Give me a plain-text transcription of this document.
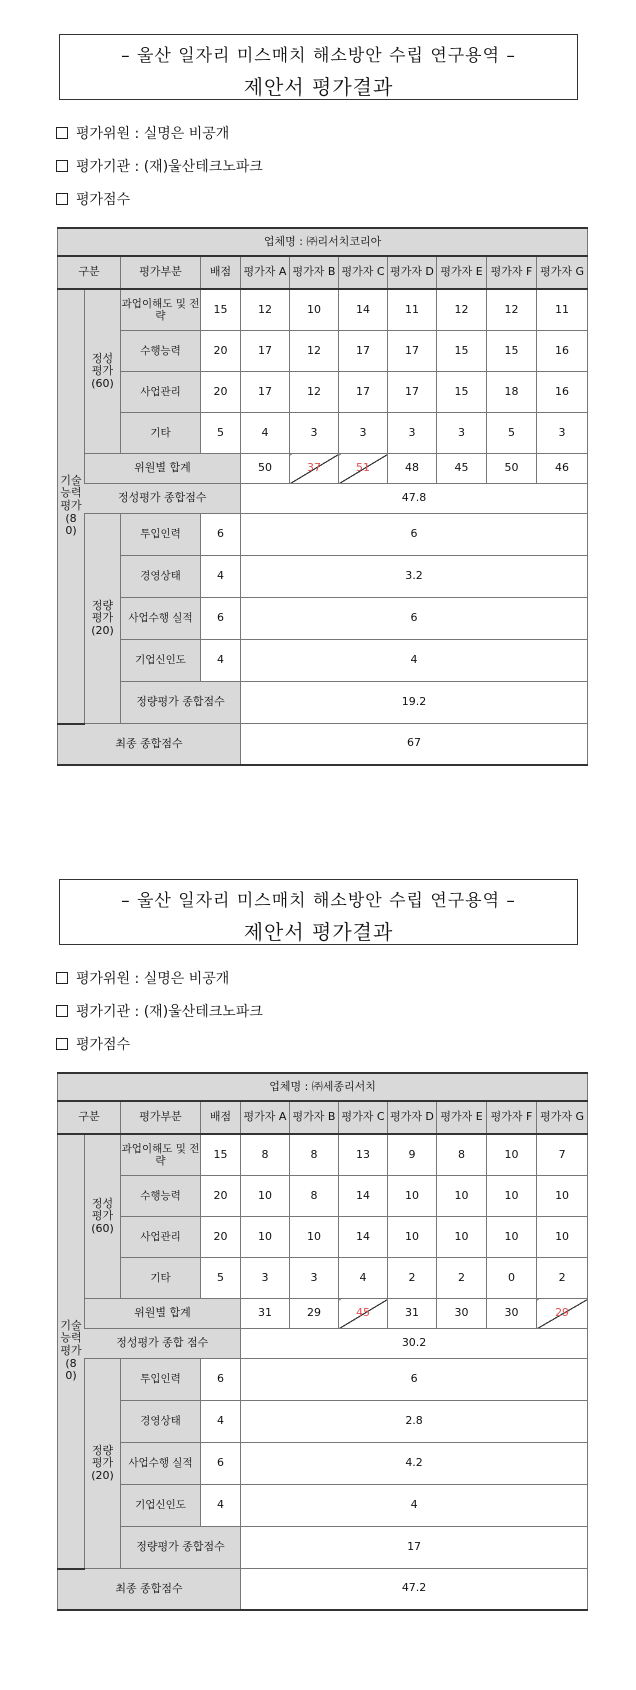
– 울산 일자리 미스매치 해소방안 수립 연구용역 –
제안서 평가결과
평가위원 : 실명은 비공개
평가기관 : (재)울산테크노파크
평가점수
업체명 : ㈜리서치코리아										
구분		평가부분	배점	평가자 A	평가자 B	평가자 C	평가자 D	평가자 E	평가자 F	평가자 G

기술 능력 평가 (80)	정성 평가 (60)	과업이해도 및 전략	15	12	10	14	11	12	12	11
		수행능력	20	17	12	17	17	15	15	16
		사업관리	20	17	12	17	17	15	18	16
		기타	5	4	3	3	3	3	5	3
	위원별 합계			50	37	51	48	45	50	46
	정성평가 종합점수			47.8						

	정량 평가 (20)	투입인력	6	6						
		경영상태	4	3.2						
		사업수행 실적	6	6						
		기업신인도	4	4						
		정량평가 종합점수		19.2						
최종 종합점수				67						
– 울산 일자리 미스매치 해소방안 수립 연구용역 –
제안서 평가결과
평가위원 : 실명은 비공개
평가기관 : (재)울산테크노파크
평가점수
업체명 : ㈜세종리서치										
구분		평가부분	배점	평가자 A	평가자 B	평가자 C	평가자 D	평가자 E	평가자 F	평가자 G

기술 능력 평가 (80)	정성 평가 (60)	과업이해도 및 전략	15	8	8	13	9	8	10	7
		수행능력	20	10	8	14	10	10	10	10
		사업관리	20	10	10	14	10	10	10	10
		기타	5	3	3	4	2	2	0	2
	위원별 합계			31	29	45	31	30	30	29
	정성평가 종합 점수			30.2						

	정량 평가 (20)	투입인력	6	6						
		경영상태	4	2.8						
		사업수행 실적	6	4.2						
		기업신인도	4	4						
		정량평가 종합점수		17						
최종 종합점수				47.2						
